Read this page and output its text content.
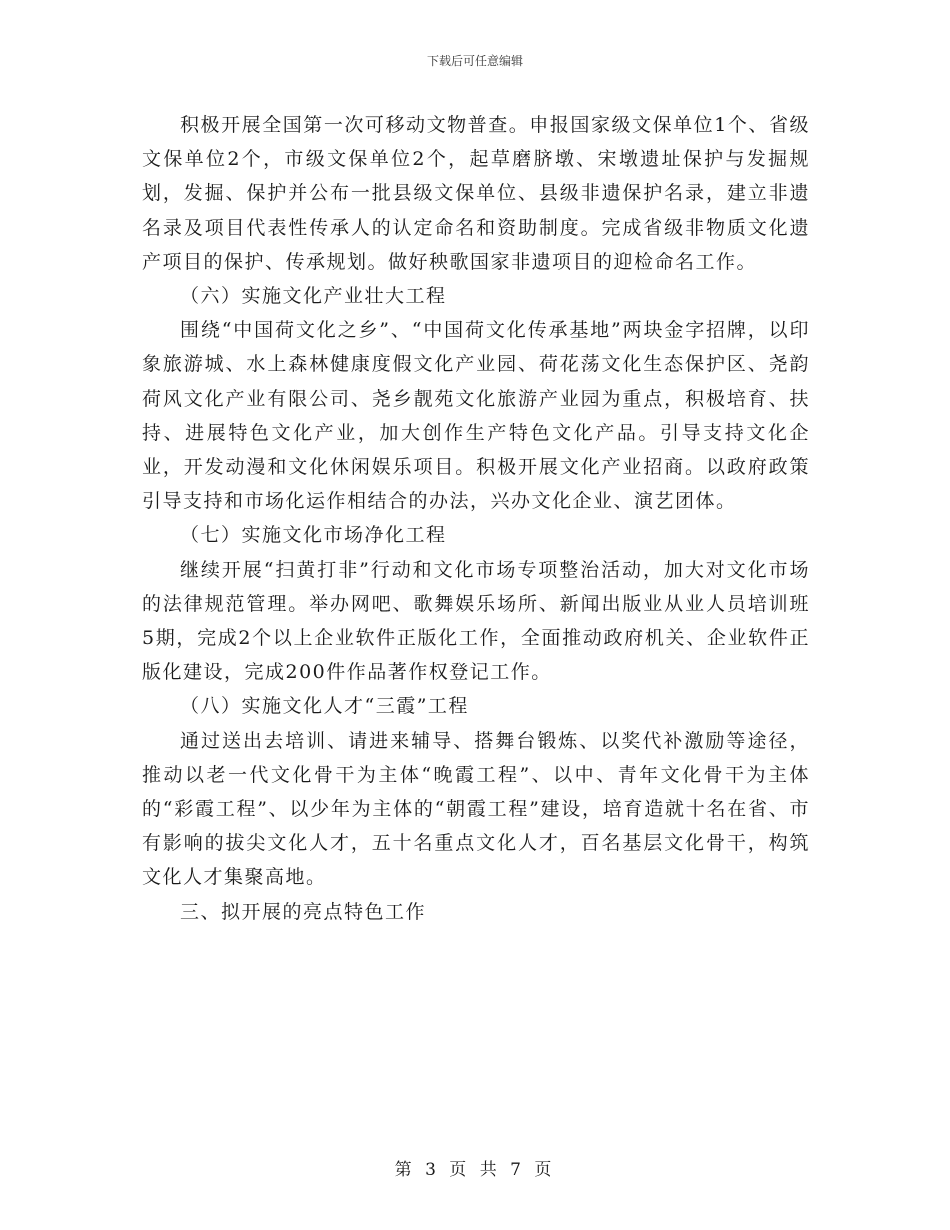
下载后可任意编辑

积极开展全国第一次可移动文物普查。申报国家级文保单位1个、省级文保单位2个，市级文保单位2个，起草磨脐墩、宋墩遗址保护与发掘规划，发掘、保护并公布一批县级文保单位、县级非遗保护名录，建立非遗名录及项目代表性传承人的认定命名和资助制度。完成省级非物质文化遗产项目的保护、传承规划。做好秧歌国家非遗项目的迎检命名工作。

（六）实施文化产业壮大工程

围绕“中国荷文化之乡”、“中国荷文化传承基地”两块金字招牌，以印象旅游城、水上森林健康度假文化产业园、荷花荡文化生态保护区、尧韵荷风文化产业有限公司、尧乡靓苑文化旅游产业园为重点，积极培育、扶持、进展特色文化产业，加大创作生产特色文化产品。引导支持文化企业，开发动漫和文化休闲娱乐项目。积极开展文化产业招商。以政府政策引导支持和市场化运作相结合的办法，兴办文化企业、演艺团体。

（七）实施文化市场净化工程

继续开展“扫黄打非”行动和文化市场专项整治活动，加大对文化市场的法律规范管理。举办网吧、歌舞娱乐场所、新闻出版业从业人员培训班5期，完成2个以上企业软件正版化工作，全面推动政府机关、企业软件正版化建设，完成200件作品著作权登记工作。

（八）实施文化人才“三霞”工程

通过送出去培训、请进来辅导、搭舞台锻炼、以奖代补激励等途径，推动以老一代文化骨干为主体“晚霞工程”、以中、青年文化骨干为主体的“彩霞工程”、以少年为主体的“朝霞工程”建设，培育造就十名在省、市有影响的拔尖文化人才，五十名重点文化人才，百名基层文化骨干，构筑文化人才集聚高地。

三、拟开展的亮点特色工作

第 3 页 共 7 页
